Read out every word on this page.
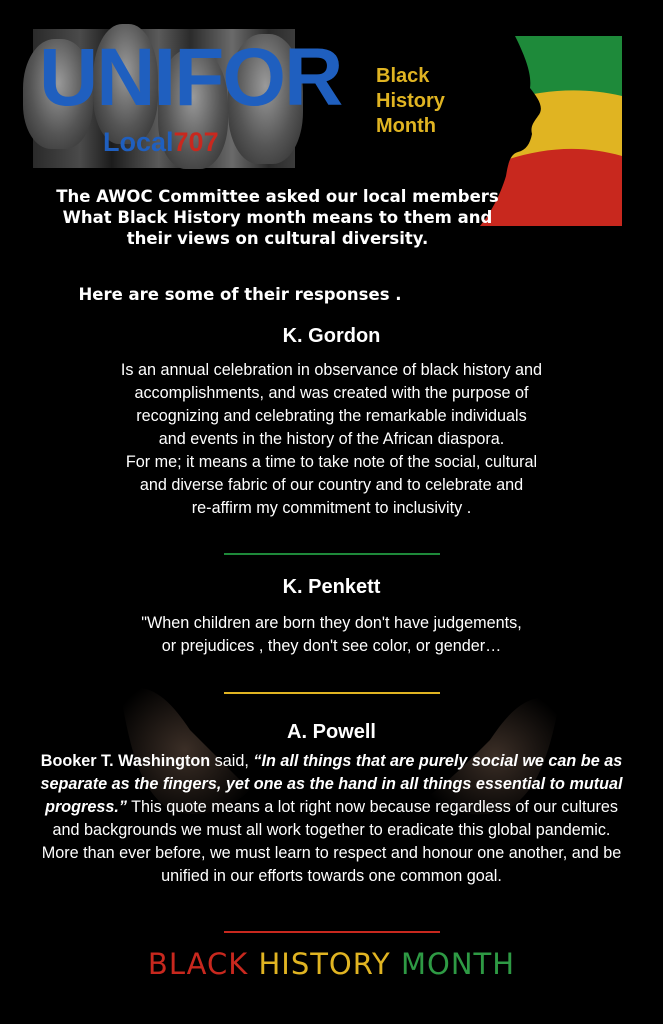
UNIFOR
Local707
Black
History
Month
The AWOC Committee asked our local members
What Black History month means to them and
their views on cultural diversity.
Here are some of their responses .
K. Gordon
Is an annual celebration in observance of black history and
accomplishments, and was created with the purpose of
recognizing and celebrating the remarkable individuals
and events in the history of the African diaspora.
For me; it means a time to take note of the social, cultural
and diverse fabric of our country and to celebrate and
re-affirm my commitment to inclusivity .
K. Penkett
"When children are born they don't have judgements,
or prejudices , they don't see color, or gender…
A. Powell
Booker T. Washington said, “In all things that are purely social we can be as separate as the fingers, yet one as the hand in all things essential to mutual progress.” This quote means a lot right now because regardless of our cultures and backgrounds we must all work together to eradicate this global pandemic. More than ever before, we must learn to respect and honour one another, and be unified in our efforts towards one common goal.
BLACK HISTORY MONTH
